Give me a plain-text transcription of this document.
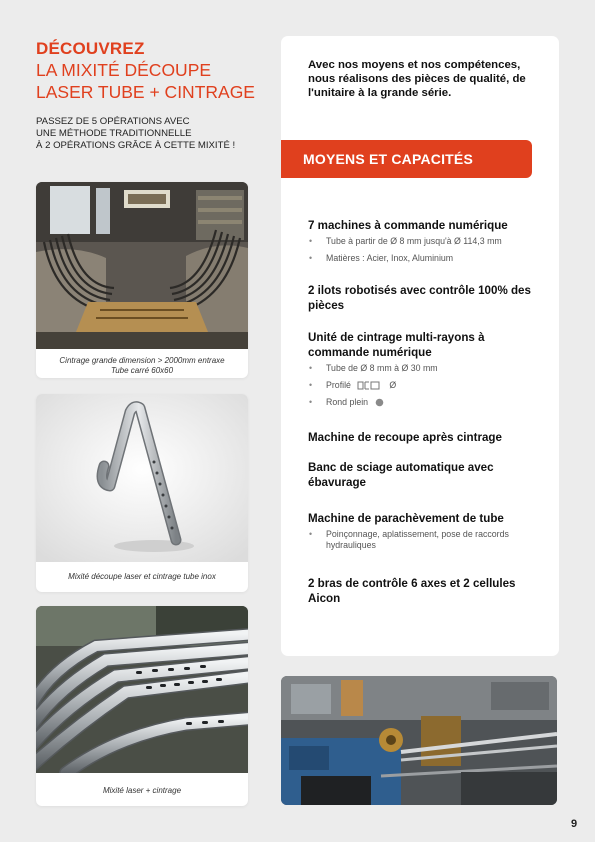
DÉCOUVREZ
LA MIXITÉ DÉCOUPE
LASER TUBE + CINTRAGE
PASSEZ DE 5 OPÉRATIONS AVEC
UNE MÉTHODE TRADITIONNELLE
À 2 OPÉRATIONS GRÂCE À CETTE MIXITÉ !
Cintrage grande dimension > 2000mm entraxe
Tube carré 60x60
Mixité découpe laser et cintrage tube inox
Mixité laser + cintrage
Avec nos moyens et nos compétences, nous réalisons des pièces de qualité, de l'unitaire à la grande série.
MOYENS ET CAPACITÉS
7 machines à commande numérique
• Tube à partir de Ø 8 mm jusqu'à Ø 114,3 mm
• Matières : Acier, Inox, Aluminium
2 ilots robotisés avec contrôle 100% des pièces
Unité de cintrage multi-rayons à commande numérique
• Tube de Ø 8 mm à Ø 30 mm
• Profilé	Ø
• Rond plein
Machine de recoupe après cintrage
Banc de sciage automatique avec ébavurage
Machine de parachèvement de tube
• Poinçonnage, aplatissement, pose de raccords hydrauliques
2 bras de contrôle 6 axes et 2 cellules Aicon
9
